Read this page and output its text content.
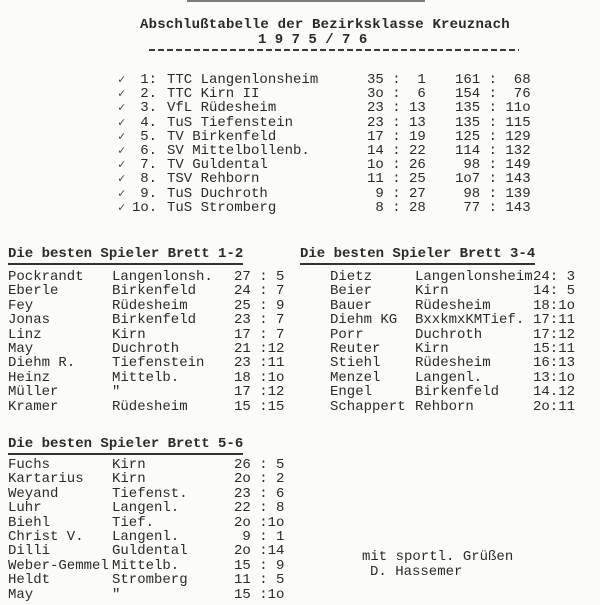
Abschlußtabelle der Bezirksklasse Kreuznach
1 9 7 5 / 7 6
✓	1: TTC Langenlonsheim	35 :  1 161 :  68
✓	2. TTC Kirn II	3o :  6 154 :  76
✓	3. VfL Rüdesheim	23 : 13 135 : 11o
✓	4. TuS Tiefenstein	23 : 13 135 : 115
✓	5. TV Birkenfeld	17 : 19 125 : 129
✓	6. SV Mittelbollenb.	14 : 22 114 : 132
✓	7. TV Guldental	1o : 26 98 : 149
✓	8. TSV Rehborn	11 : 25 1o7 : 143
✓	9. TuS Duchroth	9 : 27 98 : 139
✓ 1o. TuS Stromberg	8 : 28 77 : 143
Die besten Spieler Brett 1-2	Die besten Spieler Brett 3-4
Die besten Spieler Brett 5-6
Pockrandt	Langenlonsh.	27 : 5
Eberle	Birkenfeld	24 : 7
Fey	Rüdesheim	25 : 9
Jonas	Birkenfeld	23 : 7
Linz	Kirn	17 : 7
May	Duchroth	21 :12
Diehm R.	Tiefenstein	23 :11
Heinz	Mittelb.	18 :1o
Müller	"	17 :12
Kramer	Rüdesheim	15 :15
Dietz	Langenlonsheim 24: 3
Beier	Kirn	14: 5
Bauer	Rüdesheim	18:1o
Diehm KG	BxxkmxKMTief. 17:11
Porr	Duchroth	17:12
Reuter	Kirn	15:11
Stiehl	Rüdesheim	16:13
Menzel	Langenl.	13:1o
Engel	Birkenfeld	14.12
Schappert Rehborn	2o:11
Fuchs	Kirn	26 : 5
Kartarius	Kirn	2o : 2
Weyand	Tiefenst.	23 : 6
Luhr	Langenl.	22 : 8
Biehl	Tief.	2o :1o
Christ V.	Langenl.	9 : 1
Dilli	Guldental	2o :14
Weber-Gemmel Mittelb.	15 : 9
Heldt	Stromberg	11 : 5
May	"	15 :1o
mit sportl. Grüßen
D. Hassemer
